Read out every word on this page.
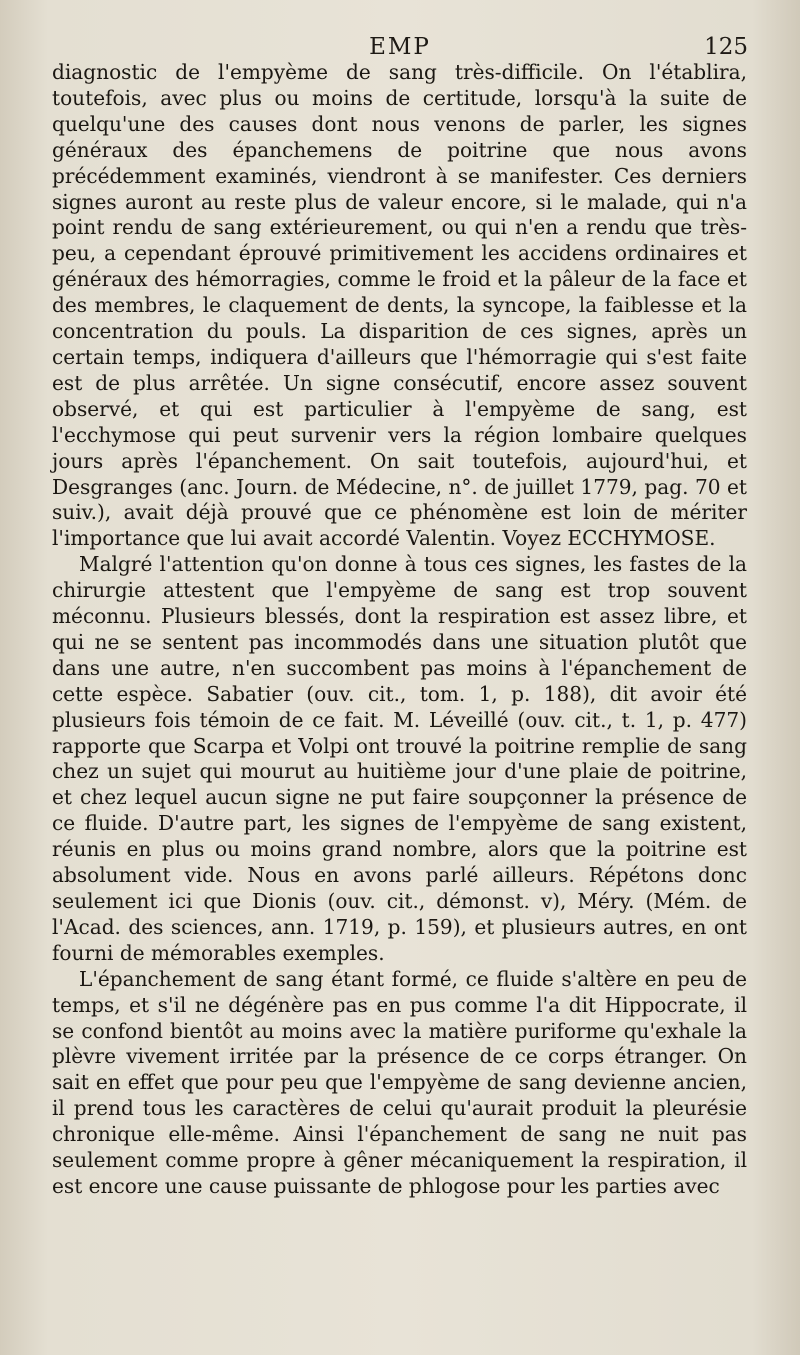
EMP	125

diagnostic de l'empyème de sang très-difficile. On l'établira, toutefois, avec plus ou moins de certitude, lorsqu'à la suite de quelqu'une des causes dont nous venons de parler, les signes généraux des épanchemens de poitrine que nous avons précédemment examinés, viendront à se manifester. Ces derniers signes auront au reste plus de valeur encore, si le malade, qui n'a point rendu de sang extérieurement, ou qui n'en a rendu que très-peu, a cependant éprouvé primitivement les accidens ordinaires et généraux des hémorragies, comme le froid et la pâleur de la face et des membres, le claquement de dents, la syncope, la faiblesse et la concentration du pouls. La disparition de ces signes, après un certain temps, indiquera d'ailleurs que l'hémorragie qui s'est faite est de plus arrêtée. Un signe consécutif, encore assez souvent observé, et qui est particulier à l'empyème de sang, est l'ecchymose qui peut survenir vers la région lombaire quelques jours après l'épanchement. On sait toutefois, aujourd'hui, et Desgranges (anc. Journ. de Médecine, n°. de juillet 1779, pag. 70 et suiv.), avait déjà prouvé que ce phénomène est loin de mériter l'importance que lui avait accordé Valentin. Voyez ECCHYMOSE.

Malgré l'attention qu'on donne à tous ces signes, les fastes de la chirurgie attestent que l'empyème de sang est trop souvent méconnu. Plusieurs blessés, dont la respiration est assez libre, et qui ne se sentent pas incommodés dans une situation plutôt que dans une autre, n'en succombent pas moins à l'épanchement de cette espèce. Sabatier (ouv. cit., tom. 1, p. 188), dit avoir été plusieurs fois témoin de ce fait. M. Léveillé (ouv. cit., t. 1, p. 477) rapporte que Scarpa et Volpi ont trouvé la poitrine remplie de sang chez un sujet qui mourut au huitième jour d'une plaie de poitrine, et chez lequel aucun signe ne put faire soupçonner la présence de ce fluide. D'autre part, les signes de l'empyème de sang existent, réunis en plus ou moins grand nombre, alors que la poitrine est absolument vide. Nous en avons parlé ailleurs. Répétons donc seulement ici que Dionis (ouv. cit., démonst. v), Méry. (Mém. de l'Acad. des sciences, ann. 1719, p. 159), et plusieurs autres, en ont fourni de mémorables exemples.

L'épanchement de sang étant formé, ce fluide s'altère en peu de temps, et s'il ne dégénère pas en pus comme l'a dit Hippocrate, il se confond bientôt au moins avec la matière puriforme qu'exhale la plèvre vivement irritée par la présence de ce corps étranger. On sait en effet que pour peu que l'empyème de sang devienne ancien, il prend tous les caractères de celui qu'aurait produit la pleurésie chronique elle-même. Ainsi l'épanchement de sang ne nuit pas seulement comme propre à gêner mécaniquement la respiration, il est encore une cause puissante de phlogose pour les parties avec
